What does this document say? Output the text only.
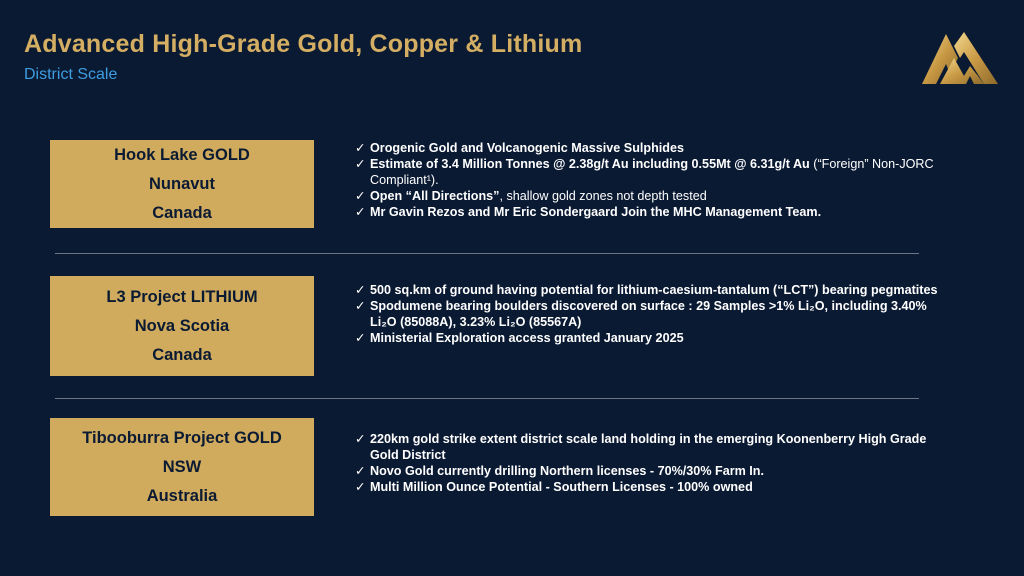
Advanced High-Grade Gold, Copper & Lithium
District Scale
Hook Lake GOLD
Nunavut
Canada
✓ Orogenic Gold and Volcanogenic Massive Sulphides
✓ Estimate of 3.4 Million Tonnes @ 2.38g/t Au including 0.55Mt @ 6.31g/t Au (“Foreign” Non-JORC Compliant¹).
✓ Open “All Directions”, shallow gold zones not depth tested
✓ Mr Gavin Rezos and Mr Eric Sondergaard Join the MHC Management Team.
L3 Project LITHIUM
Nova Scotia
Canada
✓ 500 sq.km of ground having potential for lithium-caesium-tantalum (“LCT”) bearing pegmatites
✓ Spodumene bearing boulders discovered on surface : 29 Samples >1% Li₂O, including 3.40% Li₂O (85088A), 3.23% Li₂O (85567A)
✓ Ministerial Exploration access granted January 2025
Tibooburra Project GOLD
NSW
Australia
✓ 220km gold strike extent district scale land holding in the emerging Koonenberry High Grade Gold District
✓ Novo Gold currently drilling Northern licenses - 70%/30% Farm In.
✓ Multi Million Ounce Potential - Southern Licenses - 100% owned
